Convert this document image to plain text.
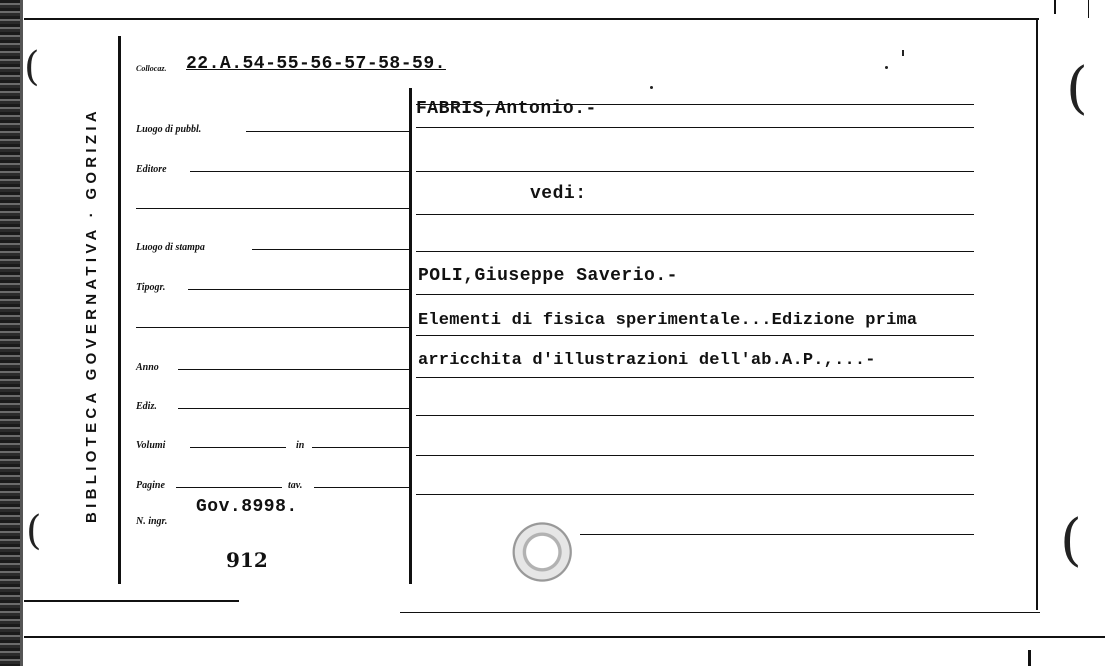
(
(
(
(
BIBLIOTECA GOVERNATIVA · GORIZIA
Collocaz. 22.A.54-55-56-57-58-59.
Luogo di pubbl.
Editore
Luogo di stampa
Tipogr.
Anno
Ediz.
Volumi	in
Pagine	tav.
N. ingr.
Gov.8998.
912
FABRIS,Antonio.-
vedi:
POLI,Giuseppe Saverio.-
Elementi di fisica sperimentale...Edizione prima
arricchita d'illustrazioni dell'ab.A.P.,...-
